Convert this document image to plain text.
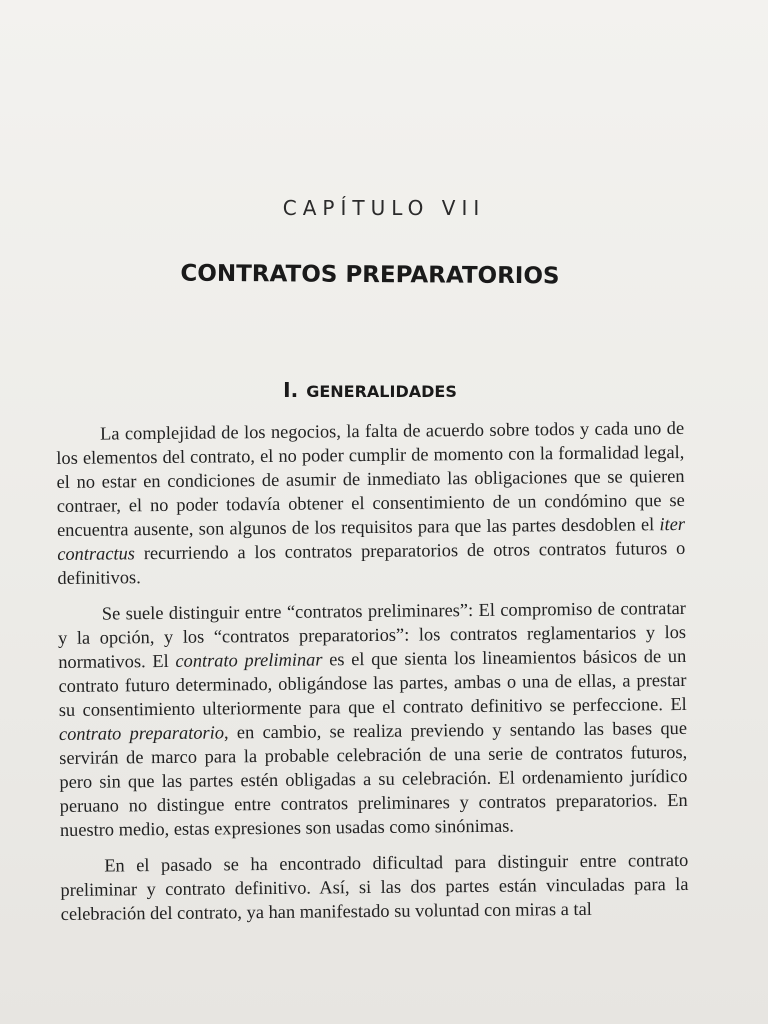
CAPÍTULO VII
CONTRATOS PREPARATORIOS
I. GENERALIDADES

La complejidad de los negocios, la falta de acuerdo sobre todos y cada uno de los elementos del contrato, el no poder cumplir de momento con la formalidad legal, el no estar en condiciones de asumir de inmediato las obligaciones que se quieren contraer, el no poder todavía obtener el consentimiento de un condómino que se encuentra ausente, son algunos de los requisitos para que las partes desdoblen el iter contractus recurriendo a los contratos preparatorios de otros contratos futuros o definitivos.

Se suele distinguir entre “contratos preliminares”: El compromiso de contratar y la opción, y los “contratos preparatorios”: los contratos reglamentarios y los normativos. El contrato preliminar es el que sienta los lineamientos básicos de un contrato futuro determinado, obligándose las partes, ambas o una de ellas, a prestar su consentimiento ulteriormente para que el contrato definitivo se perfeccione. El contrato preparatorio, en cambio, se realiza previendo y sentando las bases que servirán de marco para la probable celebración de una serie de contratos futuros, pero sin que las partes estén obligadas a su celebración. El ordenamiento jurídico peruano no distingue entre contratos preliminares y contratos preparatorios. En nuestro medio, estas expresiones son usadas como sinónimas.

En el pasado se ha encontrado dificultad para distinguir entre contrato preliminar y contrato definitivo. Así, si las dos partes están vinculadas para la celebración del contrato, ya han manifestado su voluntad con miras a tal
